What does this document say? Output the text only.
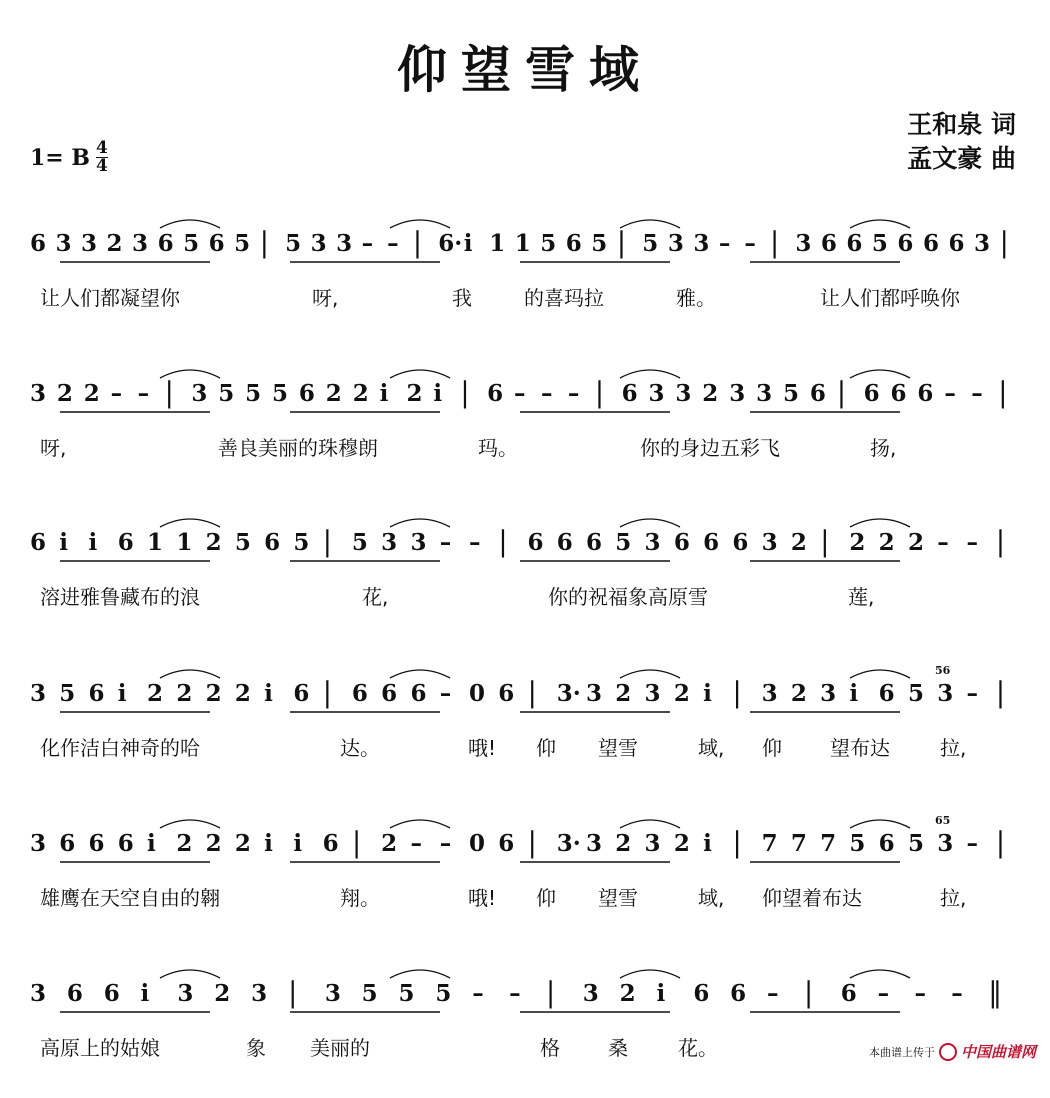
仰望雪域
王和泉 词
孟文豪 曲
1= B $\frac{4}{4}$
6 3 3 2 3 6 5 6 5 | 5 3 3 – – | 6· i 1 1 5 6 5 | 5 3 3 – – | 3 6 6 5 6 6 6 3 |
让人们都凝望你	呀,	我	的喜玛拉	雅。	让人们都呼唤你
3 2 2 – – | 3 5 5 5 6 2 2 i 2 i | 6 – – – | 6 3 3 2 3 3 5 6 | 6 6 6 – – |
呀,	善良美丽的珠穆朗	玛。	你的身边五彩飞	扬,
6 i i 6 1 1 2 5 6 5 | 5 3 3 – – | 6 6 6 5 3 6 6 6 3 2 | 2 2 2 – – |
溶进雅鲁藏布的浪	花,	你的祝福象高原雪	莲,
3 5 6 i 2 2 2 2 i 6 | 6 6 6 – 0 6 | 3· 3 2 3 2 i | 3 2 3 i 6 5 3 – |
56
化作洁白神奇的哈	达。	哦! 仰 望雪	域, 仰 望布达	拉,
3 6 6 6 i 2 2 2 i i 6 | 2 – – 0 6 | 3· 3 2 3 2 i | 7 7 7 5 6 5 3 – |
65
雄鹰在天空自由的翱	翔。	哦! 仰 望雪	域, 仰望着布达	拉,
3 6 6 i 3 2 3 | 3 5 5 5 – – | 3 2 i 6 6 – | 6 – – – ‖
高原上的姑娘	象 美丽的	格 桑	花。	本曲谱上传于 中国曲谱网
